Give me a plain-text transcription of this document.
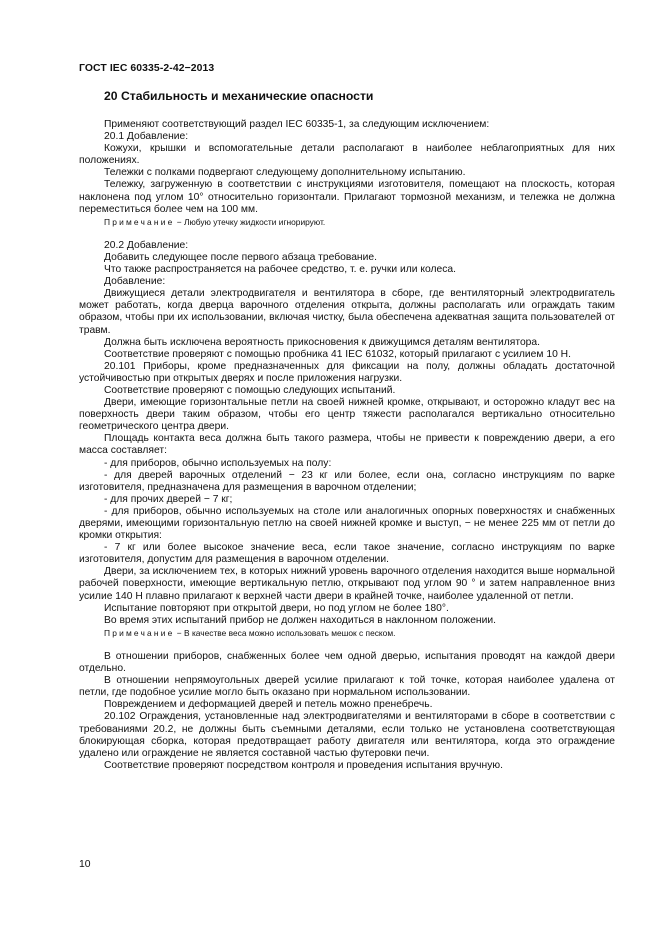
ГОСТ IEC 60335-2-42−2013
20 Стабильность и механические опасности

Применяют соответствующий раздел IEC 60335-1, за следующим исключением:

20.1 Добавление:

Кожухи, крышки и вспомогательные детали располагают в наиболее неблагоприятных для них положениях.

Тележки с полками подвергают следующему дополнительному испытанию.

Тележку, загруженную в соответствии с инструкциями изготовителя, помещают на плоскость, которая наклонена под углом 10° относительно горизонтали. Прилагают тормозной механизм, и тележка не должна переместиться более чем на 100 мм.

Примечание − Любую утечку жидкости игнорируют.

20.2 Добавление:

Добавить следующее после первого абзаца требование.

Что также распространяется на рабочее средство, т. е. ручки или колеса.

Добавление:

Движущиеся детали электродвигателя и вентилятора в сборе, где вентиляторный электродвигатель может работать, когда дверца варочного отделения открыта, должны располагать или ограждать таким образом, чтобы при их использовании, включая чистку, была обеспечена адекватная защита пользователей от травм.

Должна быть исключена вероятность прикосновения к движущимся деталям вентилятора.

Соответствие проверяют с помощью пробника 41 IEC 61032, который прилагают с усилием 10 Н.

20.101 Приборы, кроме предназначенных для фиксации на полу, должны обладать достаточной устойчивостью при открытых дверях и после приложения нагрузки.

Соответствие проверяют с помощью следующих испытаний.

Двери, имеющие горизонтальные петли на своей нижней кромке, открывают, и осторожно кладут вес на поверхность двери таким образом, чтобы его центр тяжести располагался вертикально относительно геометрического центра двери.

Площадь контакта веса должна быть такого размера, чтобы не привести к повреждению двери, а его масса составляет:

- для приборов, обычно используемых на полу:

- для дверей варочных отделений − 23 кг или более, если она, согласно инструкциям по варке изготовителя, предназначена для размещения в варочном отделении;

- для прочих дверей − 7 кг;

- для приборов, обычно используемых на столе или аналогичных опорных поверхностях и снабженных дверями, имеющими горизонтальную петлю на своей нижней кромке и выступ, − не менее 225 мм от петли до кромки открытия:

- 7 кг или более высокое значение веса, если такое значение, согласно инструкциям по варке изготовителя, допустим для размещения в варочном отделении.

Двери, за исключением тех, в которых нижний уровень варочного отделения находится выше нормальной рабочей поверхности, имеющие вертикальную петлю, открывают под углом 90 ° и затем направленное вниз усилие 140 Н плавно прилагают к верхней части двери в крайней точке, наиболее удаленной от петли.

Испытание повторяют при открытой двери, но под углом не более 180°.

Во время этих испытаний прибор не должен находиться в наклонном положении.

Примечание − В качестве веса можно использовать мешок с песком.

В отношении приборов, снабженных более чем одной дверью, испытания проводят на каждой двери отдельно.

В отношении непрямоугольных дверей усилие прилагают к той точке, которая наиболее удалена от петли, где подобное усилие могло быть оказано при нормальном использовании.

Повреждением и деформацией дверей и петель можно пренебречь.

20.102 Ограждения, установленные над электродвигателями и вентиляторами в сборе в соответствии с требованиями 20.2, не должны быть съемными деталями, если только не установлена соответствующая блокирующая сборка, которая предотвращает работу двигателя или вентилятора, когда это ограждение удалено или ограждение не является составной частью футеровки печи.

Соответствие проверяют посредством контроля и проведения испытания вручную.

10
